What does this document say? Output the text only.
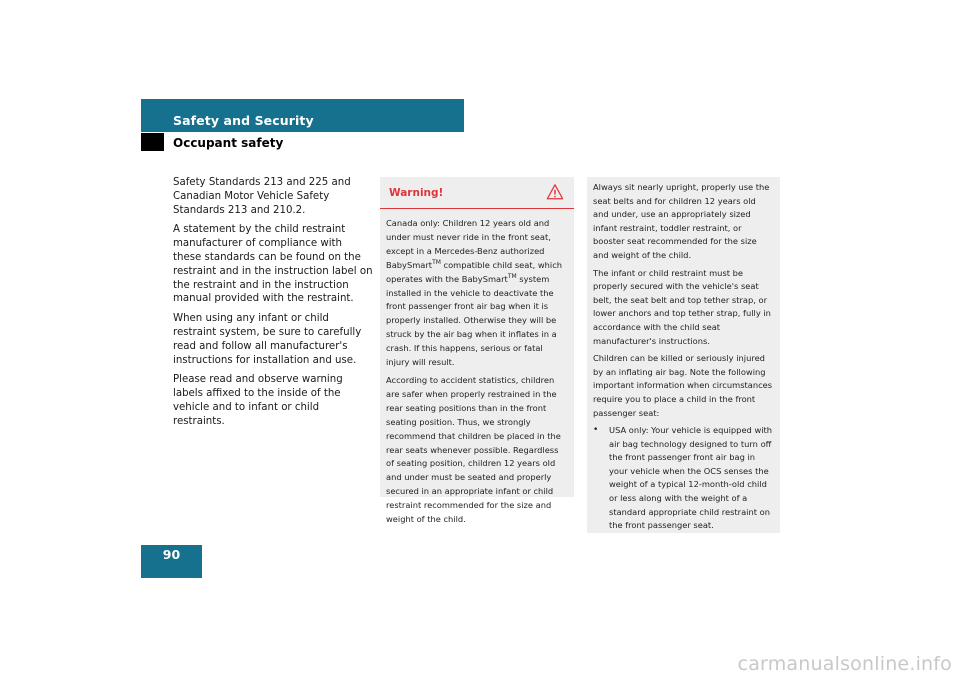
Safety and Security
Occupant safety

Safety Standards 213 and 225 and Canadian Motor Vehicle Safety Standards 213 and 210.2.

A statement by the child restraint manufacturer of compliance with these standards can be found on the restraint and in the instruction label on the restraint and in the instruction manual provided with the restraint.

When using any infant or child restraint system, be sure to carefully read and follow all manufacturer's instructions for installation and use.

Please read and observe warning labels affixed to the inside of the vehicle and to infant or child restraints.

Warning!

Canada only: Children 12 years old and under must never ride in the front seat, except in a Mercedes-Benz authorized BabySmart™ compatible child seat, which operates with the BabySmart™ system installed in the vehicle to deactivate the front passenger front air bag when it is properly installed. Otherwise they will be struck by the air bag when it inflates in a crash. If this happens, serious or fatal injury will result.

According to accident statistics, children are safer when properly restrained in the rear seating positions than in the front seating position. Thus, we strongly recommend that children be placed in the rear seats whenever possible. Regardless of seating position, children 12 years old and under must be seated and properly secured in an appropriate infant or child restraint recommended for the size and weight of the child.

Always sit nearly upright, properly use the seat belts and for children 12 years old and under, use an appropriately sized infant restraint, toddler restraint, or booster seat recommended for the size and weight of the child.

The infant or child restraint must be properly secured with the vehicle's seat belt, the seat belt and top tether strap, or lower anchors and top tether strap, fully in accordance with the child seat manufacturer's instructions.

Children can be killed or seriously injured by an inflating air bag. Note the following important information when circumstances require you to place a child in the front passenger seat:

•	USA only: Your vehicle is equipped with air bag technology designed to turn off the front passenger front air bag in your vehicle when the OCS senses the weight of a typical 12-month-old child or less along with the weight of a standard appropriate child restraint on the front passenger seat.
90
carmanualsonline.info
